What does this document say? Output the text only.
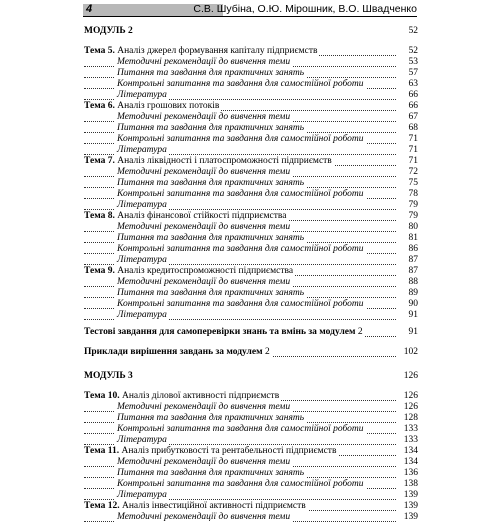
4	С.В. Шубіна, О.Ю. Мірошник, В.О. Швадченко
МОДУЛЬ 2	52
Тема 5. Аналіз джерел формування капіталу підприємств	52
Методичні рекомендації до вивчення теми	53
Питання та завдання для практичних занять	57
Контрольні запитання та завдання для самостійної роботи	63
Література	66
Тема 6. Аналіз грошових потоків	66
Методичні рекомендації до вивчення теми	67
Питання та завдання для практичних занять	68
Контрольні запитання та завдання для самостійної роботи	71
Література	71
Тема 7. Аналіз ліквідності і платоспроможності підприємств	71
Методичні рекомендації до вивчення теми	72
Питання та завдання для практичних занять	75
Контрольні запитання та завдання для самостійної роботи	78
Література	79
Тема 8. Аналіз фінансової стійкості підприємства	79
Методичні рекомендації до вивчення теми	80
Питання та завдання для практичних занять	81
Контрольні запитання та завдання для самостійної роботи	86
Література	87
Тема 9. Аналіз кредитоспроможності підприємства	87
Методичні рекомендації до вивчення теми	88
Питання та завдання для практичних занять	89
Контрольні запитання та завдання для самостійної роботи	90
Література	91
Тестові завдання для самоперевірки знань та вмінь за модулем 2	91
Приклади вирішення завдань за модулем 2	102
МОДУЛЬ 3	126
Тема 10. Аналіз ділової активності підприємств	126
Методичні рекомендації до вивчення теми	126
Питання та завдання для практичних занять	128
Контрольні запитання та завдання для самостійної роботи	133
Література	133
Тема 11. Аналіз прибутковості та рентабельності підприємств	134
Методичні рекомендації до вивчення теми	134
Питання та завдання для практичних занять	136
Контрольні запитання та завдання для самостійної роботи	138
Література	139
Тема 12. Аналіз інвестиційної активності підприємств	139
Методичні рекомендації до вивчення теми	139
